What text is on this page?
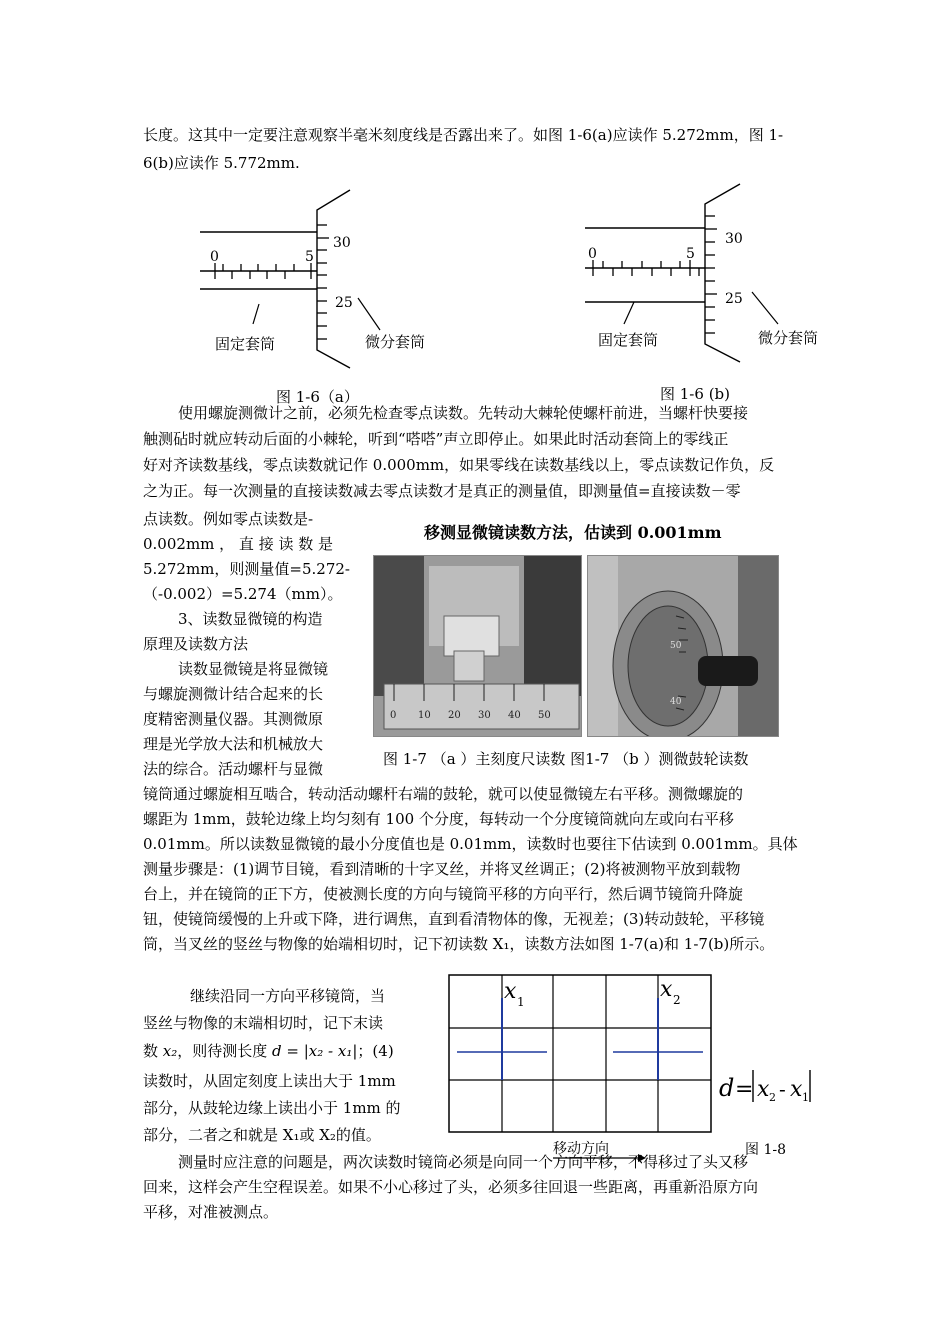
长度。这其中一定要注意观察半毫米刻度线是否露出来了。如图 1-6(a)应读作 5.272mm，图 1-
6(b)应读作 5.772mm.
0	5
30
25
固定套筒	微分套筒
图 1-6（a）
0	5
30
25
固定套筒	微分套筒
图 1-6 (b)
使用螺旋测微计之前，必须先检查零点读数。先转动大棘轮使螺杆前进，当螺杆快要接
触测砧时就应转动后面的小棘轮，听到“嗒嗒”声立即停止。如果此时活动套筒上的零线正
好对齐读数基线，零点读数就记作 0.000mm，如果零线在读数基线以上，零点读数记作负，反
之为正。每一次测量的直接读数减去零点读数才是真正的测量值，即测量值=直接读数－零
点读数。例如零点读数是-
0.002mm ， 直 接 读 数 是
5.272mm，则测量值=5.272-
（-0.002）=5.274（mm）。
3、读数显微镜的构造
原理及读数方法
读数显微镜是将显微镜
与螺旋测微计结合起来的长
度精密测量仪器。其测微原
理是光学放大法和机械放大
法的综合。活动螺杆与显微
移测显微镜读数方法，估读到 0.001mm
0 10 20 30 40 50
50
40
图 1-7 （a ）主刻度尺读数 图1-7 （b ）测微鼓轮读数
镜筒通过螺旋相互啮合，转动活动螺杆右端的鼓轮，就可以使显微镜左右平移。测微螺旋的
螺距为 1mm，鼓轮边缘上均匀刻有 100 个分度，每转动一个分度镜筒就向左或向右平移
0.01mm。所以读数显微镜的最小分度值也是 0.01mm，读数时也要往下估读到 0.001mm。具体
测量步骤是：(1)调节目镜，看到清晰的十字叉丝，并将叉丝调正；(2)将被测物平放到载物
台上，并在镜筒的正下方，使被测长度的方向与镜筒平移的方向平行，然后调节镜筒升降旋
钮，使镜筒缓慢的上升或下降，进行调焦，直到看清物体的像，无视差；(3)转动鼓轮，平移镜
筒，当叉丝的竖丝与物像的始端相切时，记下初读数 X₁，读数方法如图 1-7(a)和 1-7(b)所示。
继续沿同一方向平移镜筒，当
竖丝与物像的末端相切时，记下末读
数 x₂，则待测长度 d = |x₂ - x₁|；(4)
读数时，从固定刻度上读出大于 1mm
部分，从鼓轮边缘上读出小于 1mm 的
部分，二者之和就是 X₁或 X₂的值。
x 1	x 2
d = x 2 - x 1
移动方向	图 1-8
测量时应注意的问题是，两次读数时镜筒必须是向同一个方向平移，不得移过了头又移
回来，这样会产生空程误差。如果不小心移过了头，必须多往回退一些距离，再重新沿原方向
平移，对准被测点。
